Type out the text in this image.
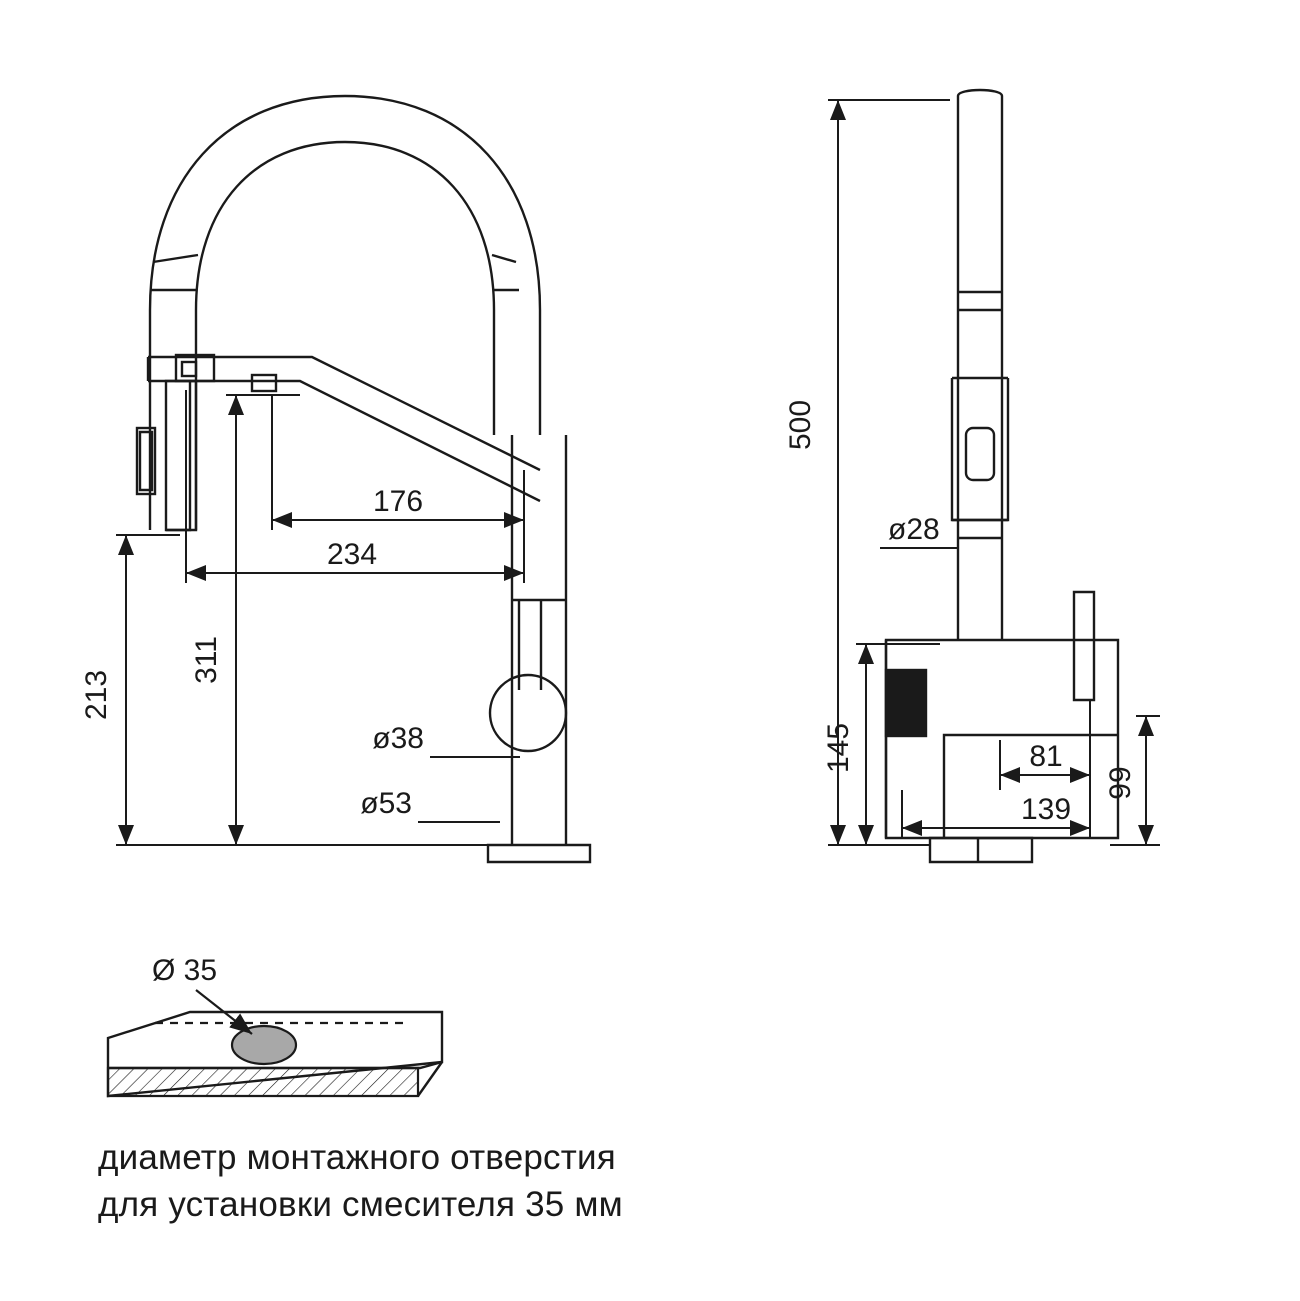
176
234
311
213
ø38
ø53
500
ø28
145
99
81
139
Ø 35
диаметр монтажного отверстия
для установки смесителя 35 мм
